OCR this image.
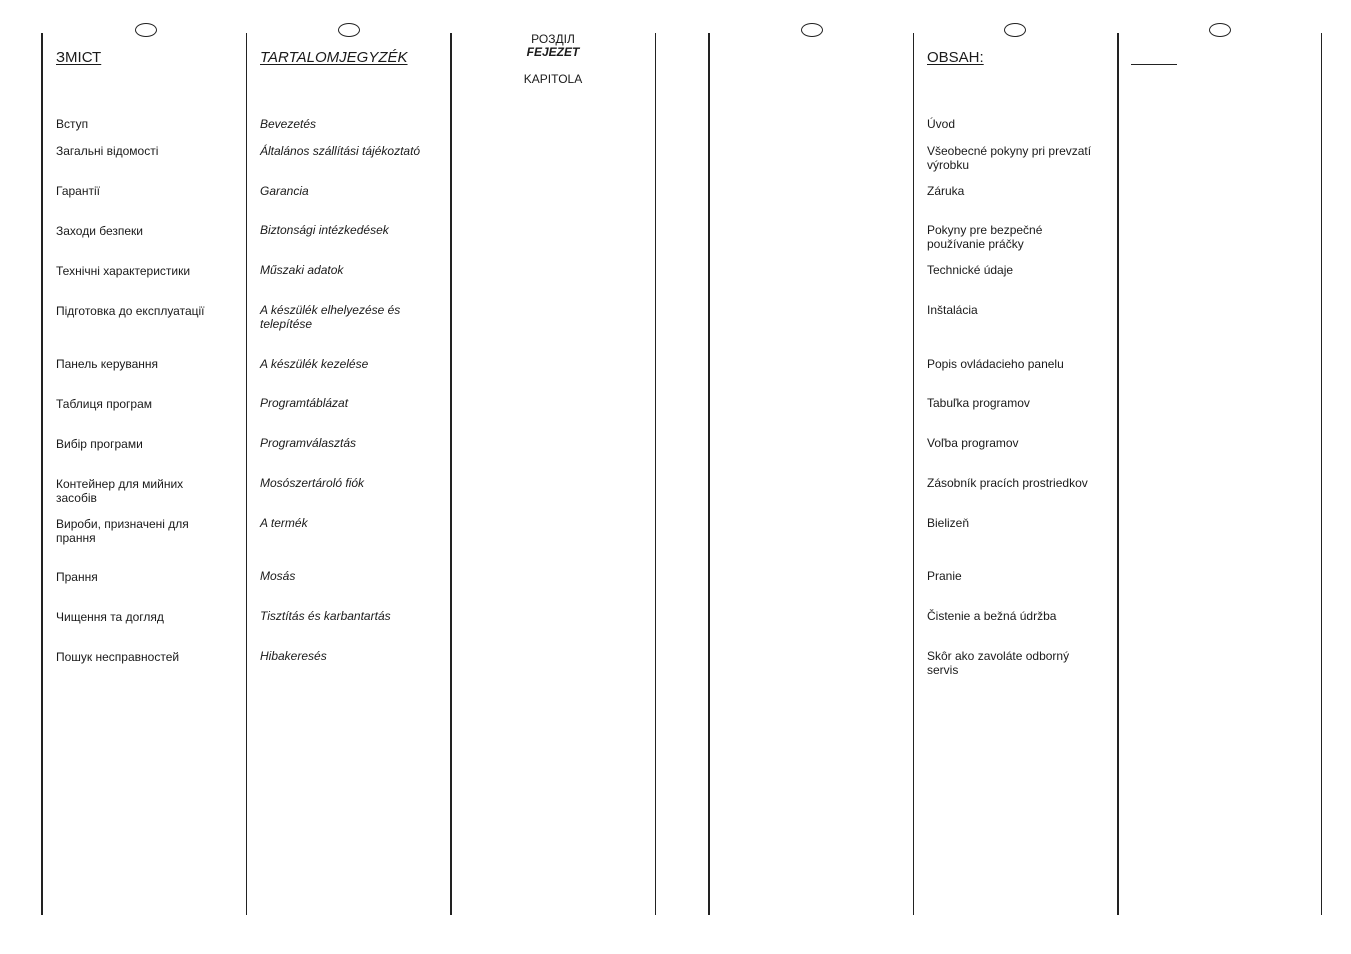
ЗМІСТ	TARTALOMJEGYZÉK	OBSAH:
РОЗДІЛ
FEJEZET
KAPITOLA
Вступ
Загальні відомості
Гарантії
Заходи безпеки
Технічні характеристики
Підготовка до експлуатації
Панель керування
Таблиця програм
Вибір програми
Контейнер для мийних засобів
Вироби, призначені для прання
Прання
Чищення та догляд
Пошук несправностей
Bevezetés
Általános szállítási tájékoztató
Garancia
Biztonsági intézkedések
Műszaki adatok
A készülék elhelyezése és telepítése
A készülék kezelése
Programtáblázat
Programválasztás
Mosószertároló fiók
A termék
Mosás
Tisztítás és karbantartás
Hibakeresés
Úvod
Všeobecné pokyny pri prevzatí výrobku
Záruka
Pokyny pre bezpečné používanie práčky
Technické údaje
Inštalácia
Popis ovládacieho panelu
Tabuľka programov
Voľba programov
Zásobník pracích prostriedkov
Bielizeň
Pranie
Čistenie a bežná údržba
Skôr ako zavoláte odborný servis
